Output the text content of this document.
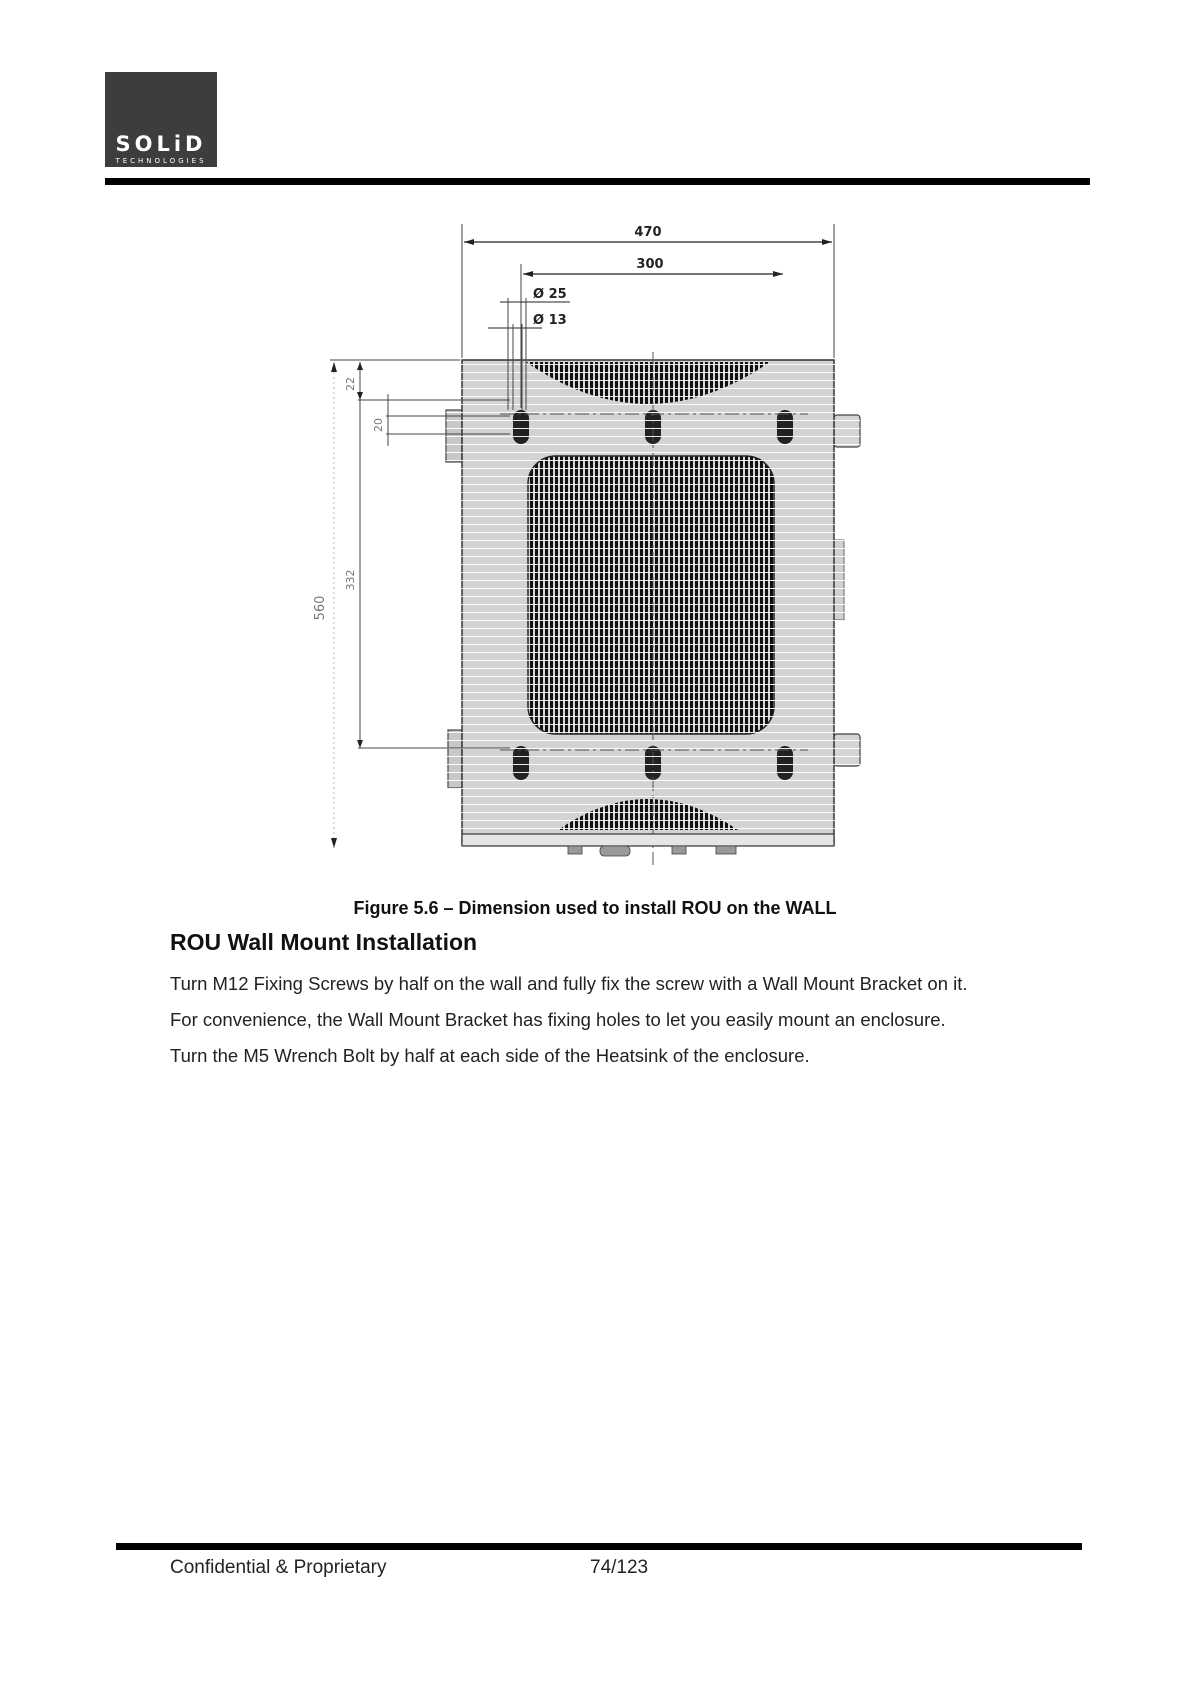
SOLiD
TECHNOLOGIES
470
300
Ø 25
Ø 13
560
22
20
332
Figure 5.6 – Dimension used to install ROU on the WALL
ROU Wall Mount Installation

Turn M12 Fixing Screws by half on the wall and fully fix the screw with a Wall Mount Bracket on it.

For convenience, the Wall Mount Bracket has fixing holes to let you easily mount an enclosure.

Turn the M5 Wrench Bolt by half at each side of the Heatsink of the enclosure.

Confidential & Proprietary	74/123
